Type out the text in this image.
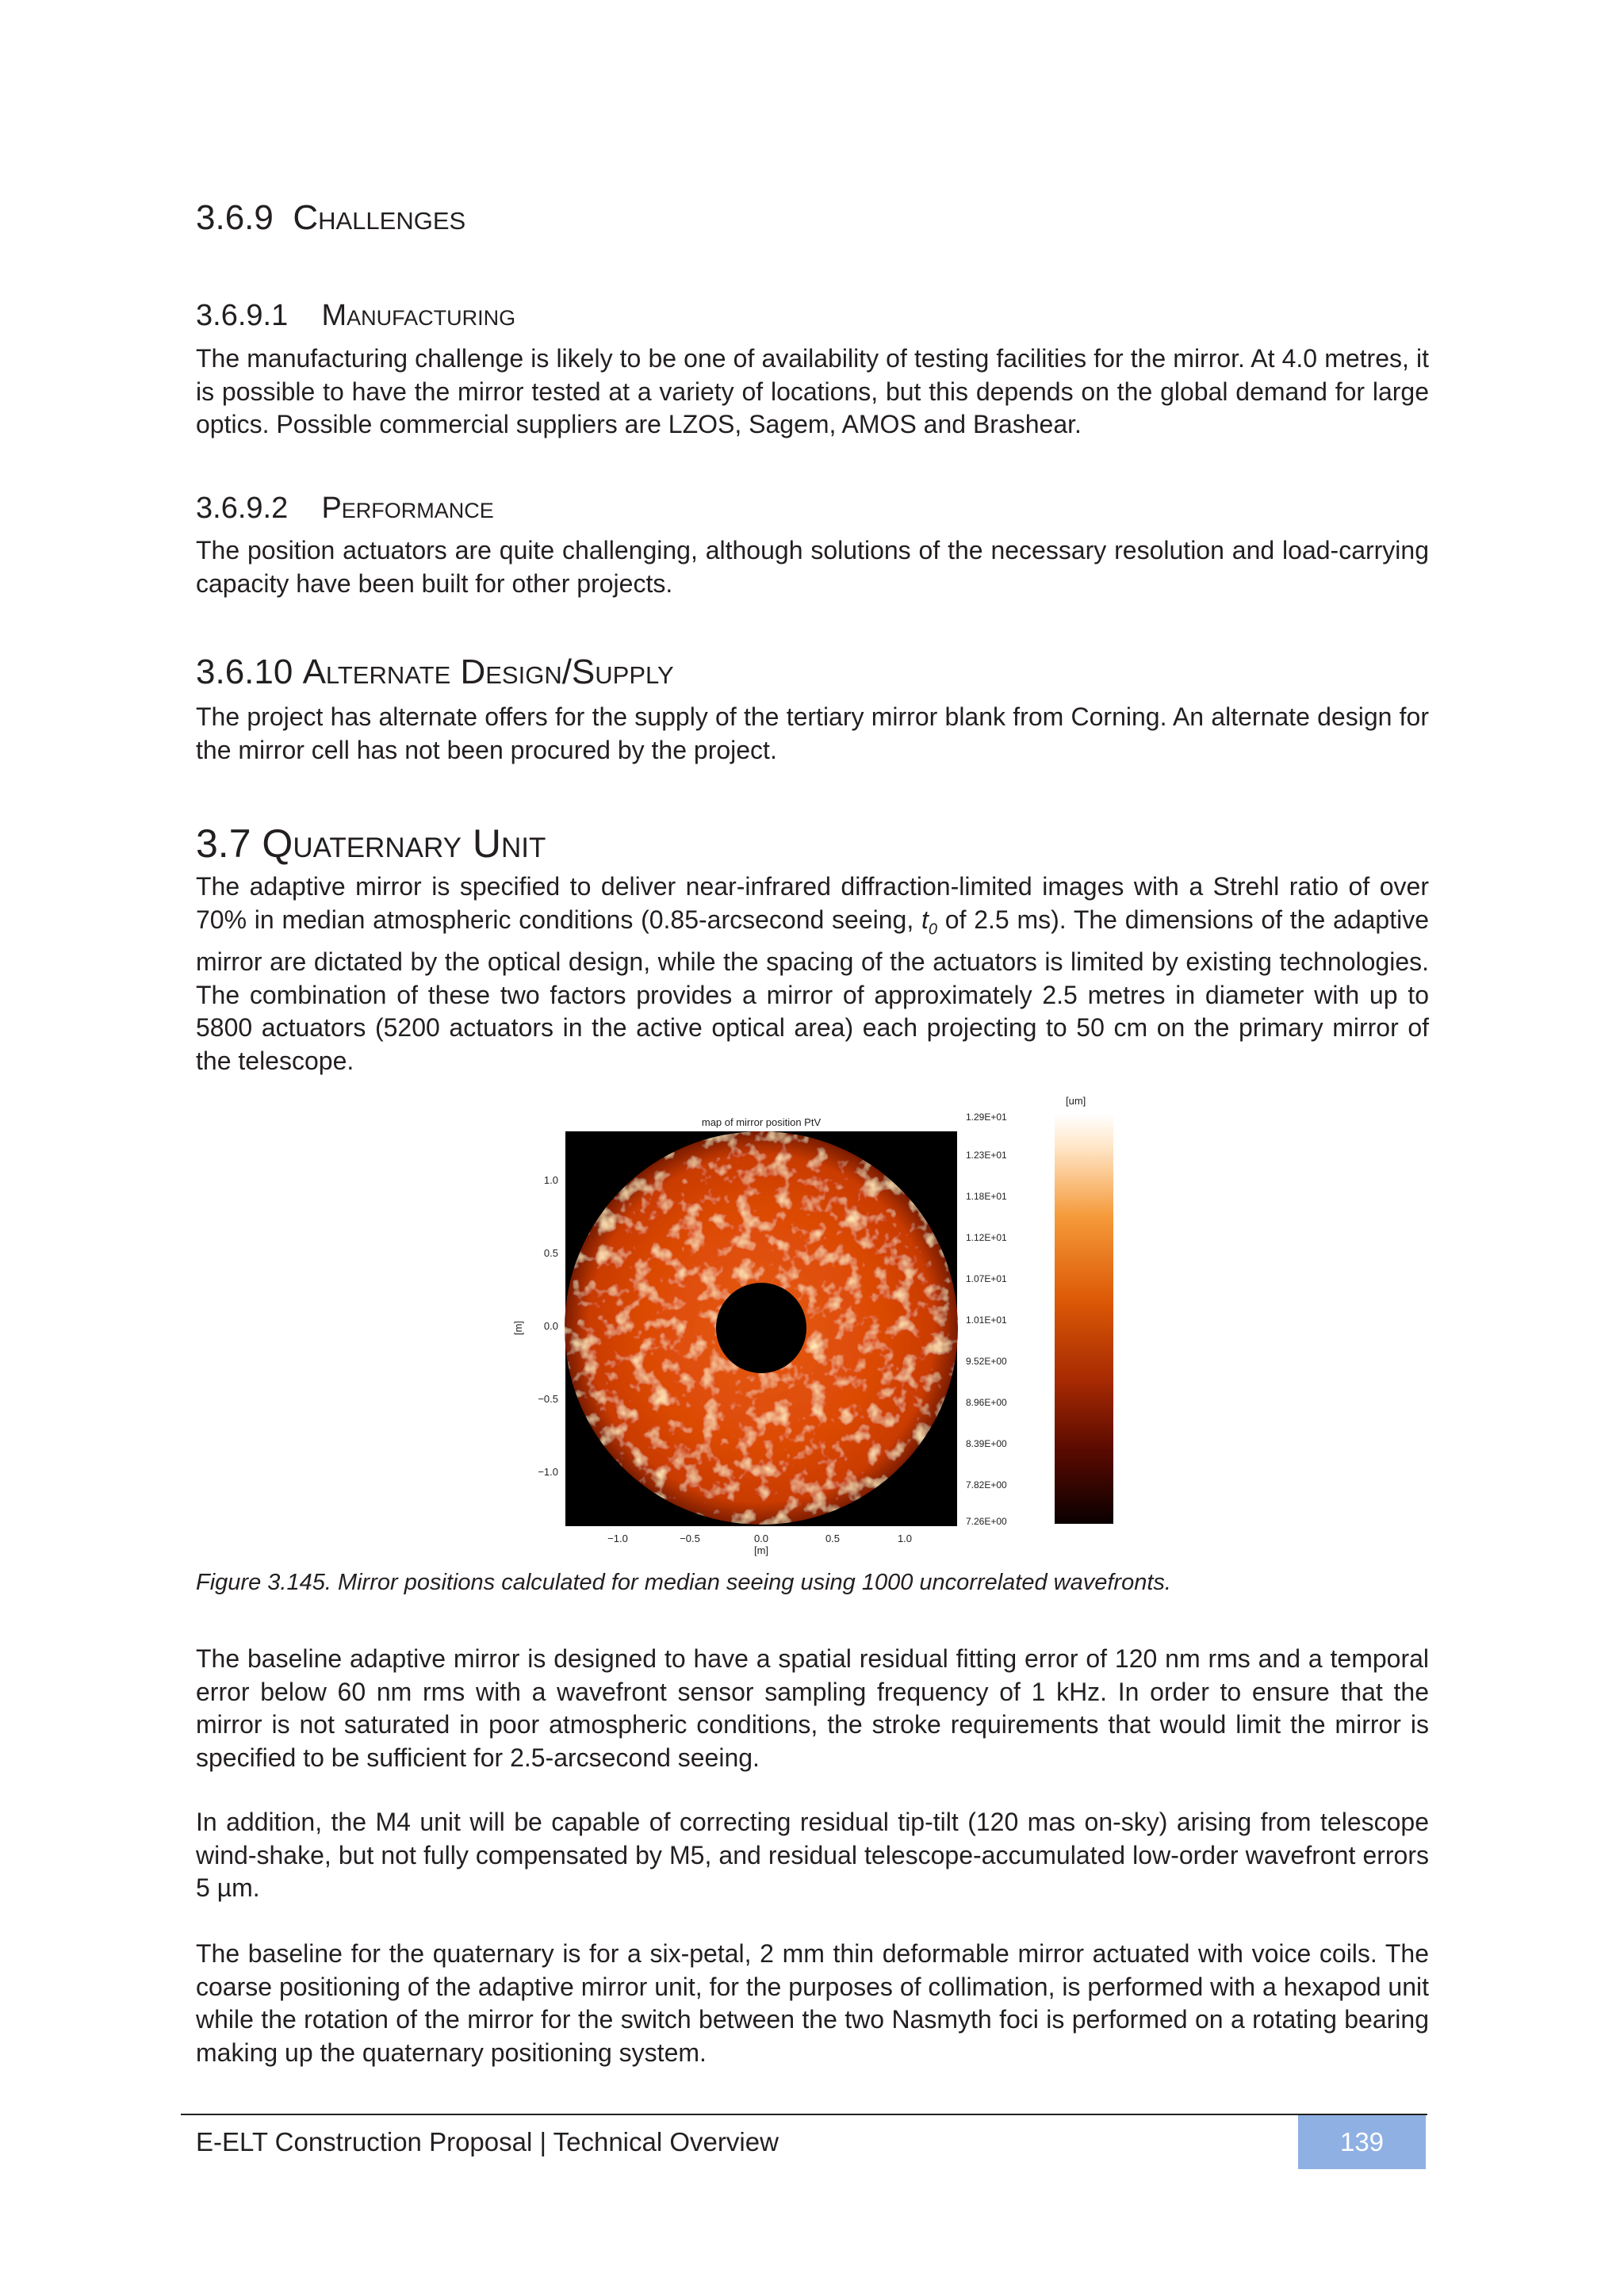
3.6.9 Challenges
3.6.9.1 Manufacturing

The manufacturing challenge is likely to be one of availability of testing facilities for the mirror. At 4.0 metres, it is possible to have the mirror tested at a variety of locations, but this depends on the global demand for large optics. Possible commercial suppliers are LZOS, Sagem, AMOS and Brashear.

3.6.9.2 Performance

The position actuators are quite challenging, although solutions of the necessary resolution and load-carrying capacity have been built for other projects.

3.6.10 Alternate Design/Supply

The project has alternate offers for the supply of the tertiary mirror blank from Corning. An alternate design for the mirror cell has not been procured by the project.

3.7 Quaternary Unit

The adaptive mirror is specified to deliver near-infrared diffraction-limited images with a Strehl ratio of over 70% in median atmospheric conditions (0.85-arcsecond seeing, $t_0$ of 2.5 ms). The dimensions of the adaptive mirror are dictated by the optical design, while the spacing of the actuators is limited by existing technologies. The combination of these two factors provides a mirror of approximately 2.5 metres in diameter with up to 5800 actuators (5200 actuators in the active optical area) each projecting to 50 cm on the primary mirror of the telescope.

map of mirror position PtV
1.0
0.5
0.0
−0.5
−1.0
[m]
−1.0	−0.5	0.0	0.5	1.0
[m]
[um]
1.29E+01
1.23E+01
1.18E+01
1.12E+01
1.07E+01
1.01E+01
9.52E+00
8.96E+00
8.39E+00
7.82E+00
7.26E+00
Figure 3.145. Mirror positions calculated for median seeing using 1000 uncorrelated wavefronts.

The baseline adaptive mirror is designed to have a spatial residual fitting error of 120 nm rms and a temporal error below 60 nm rms with a wavefront sensor sampling frequency of 1 kHz. In order to ensure that the mirror is not saturated in poor atmospheric conditions, the stroke requirements that would limit the mirror is specified to be sufficient for 2.5-arcsecond seeing.

In addition, the M4 unit will be capable of correcting residual tip-tilt (120 mas on-sky) arising from telescope wind-shake, but not fully compensated by M5, and residual telescope-accumulated low-order wavefront errors 5 µm.

The baseline for the quaternary is for a six-petal, 2 mm thin deformable mirror actuated with voice coils. The coarse positioning of the adaptive mirror unit, for the purposes of collimation, is performed with a hexapod unit while the rotation of the mirror for the switch between the two Nasmyth foci is performed on a rotating bearing making up the quaternary positioning system.

E-ELT Construction Proposal | Technical Overview	139
